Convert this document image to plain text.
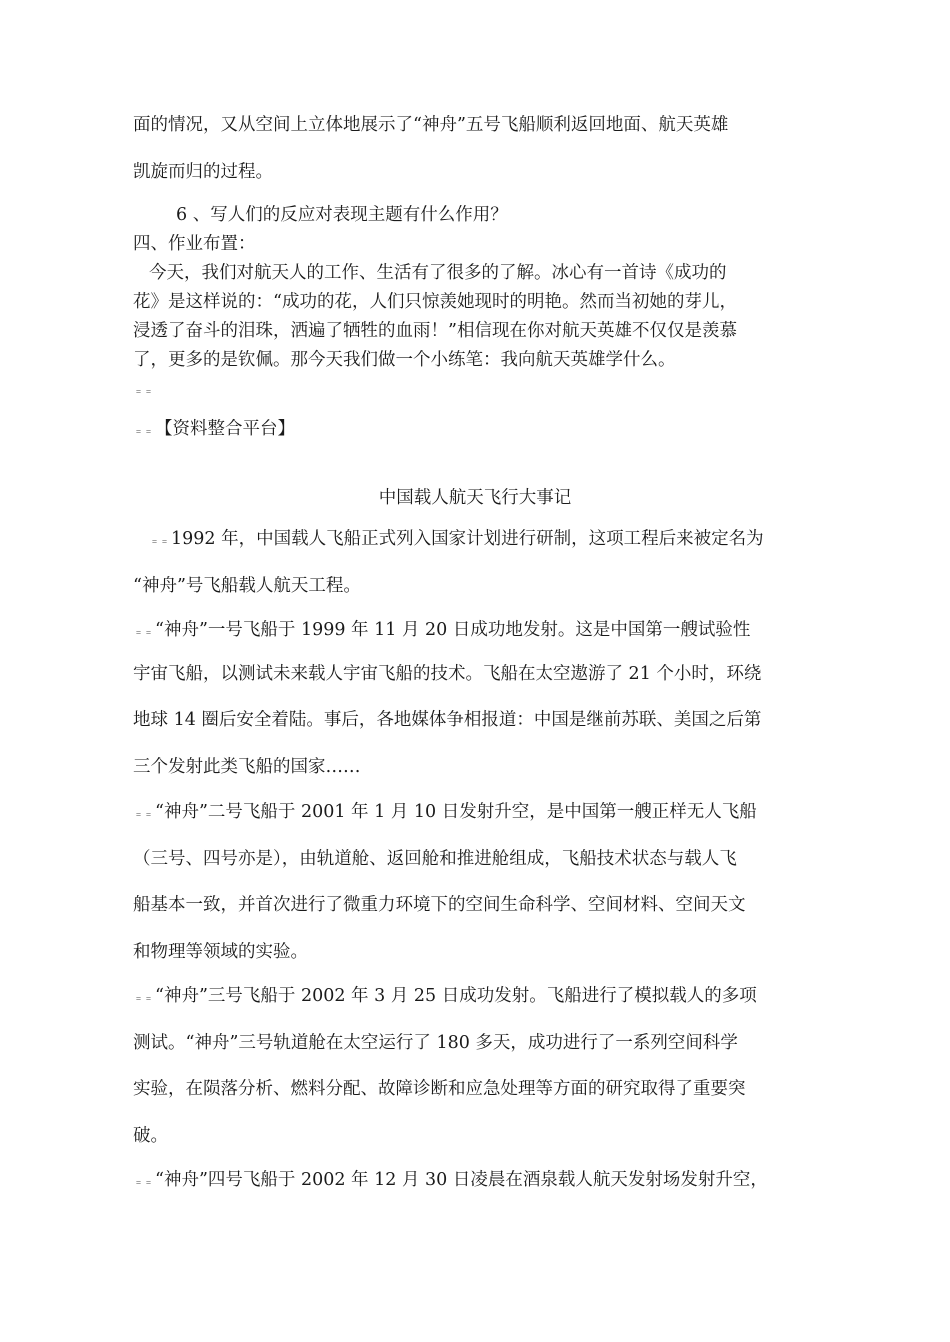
面的情况，又从空间上立体地展示了“神舟”五号飞船顺利返回地面、航天英雄
凯旋而归的过程。
6 、写人们的反应对表现主题有什么作用？
四、作业布置：
今天，我们对航天人的工作、生活有了很多的了解。冰心有一首诗《成功的
花》是这样说的：“成功的花，人们只惊羡她现时的明艳。然而当初她的芽儿，
浸透了奋斗的泪珠，洒遍了牺牲的血雨！”相信现在你对航天英雄不仅仅是羡慕
了，更多的是钦佩。那今天我们做一个小练笔：我向航天英雄学什么。
﹦﹦
﹦﹦ 【资料整合平台】
中国载人航天飞行大事记
﹦﹦ 1992 年，中国载人飞船正式列入国家计划进行研制，这项工程后来被定名为
“神舟”号飞船载人航天工程。
﹦﹦ “神舟”一号飞船于 1999 年 11 月 20 日成功地发射。这是中国第一艘试验性
宇宙飞船，以测试未来载人宇宙飞船的技术。飞船在太空遨游了 21 个小时，环绕
地球 14 圈后安全着陆。事后，各地媒体争相报道：中国是继前苏联、美国之后第
三个发射此类飞船的国家……
﹦﹦ “神舟”二号飞船于 2001 年 1 月 10 日发射升空，是中国第一艘正样无人飞船
（三号、四号亦是），由轨道舱、返回舱和推进舱组成，飞船技术状态与载人飞
船基本一致，并首次进行了微重力环境下的空间生命科学、空间材料、空间天文
和物理等领域的实验。
﹦﹦ “神舟”三号飞船于 2002 年 3 月 25 日成功发射。飞船进行了模拟载人的多项
测试。“神舟”三号轨道舱在太空运行了 180 多天，成功进行了一系列空间科学
实验，在陨落分析、燃料分配、故障诊断和应急处理等方面的研究取得了重要突
破。
﹦﹦ “神舟”四号飞船于 2002 年 12 月 30 日凌晨在酒泉载人航天发射场发射升空，
